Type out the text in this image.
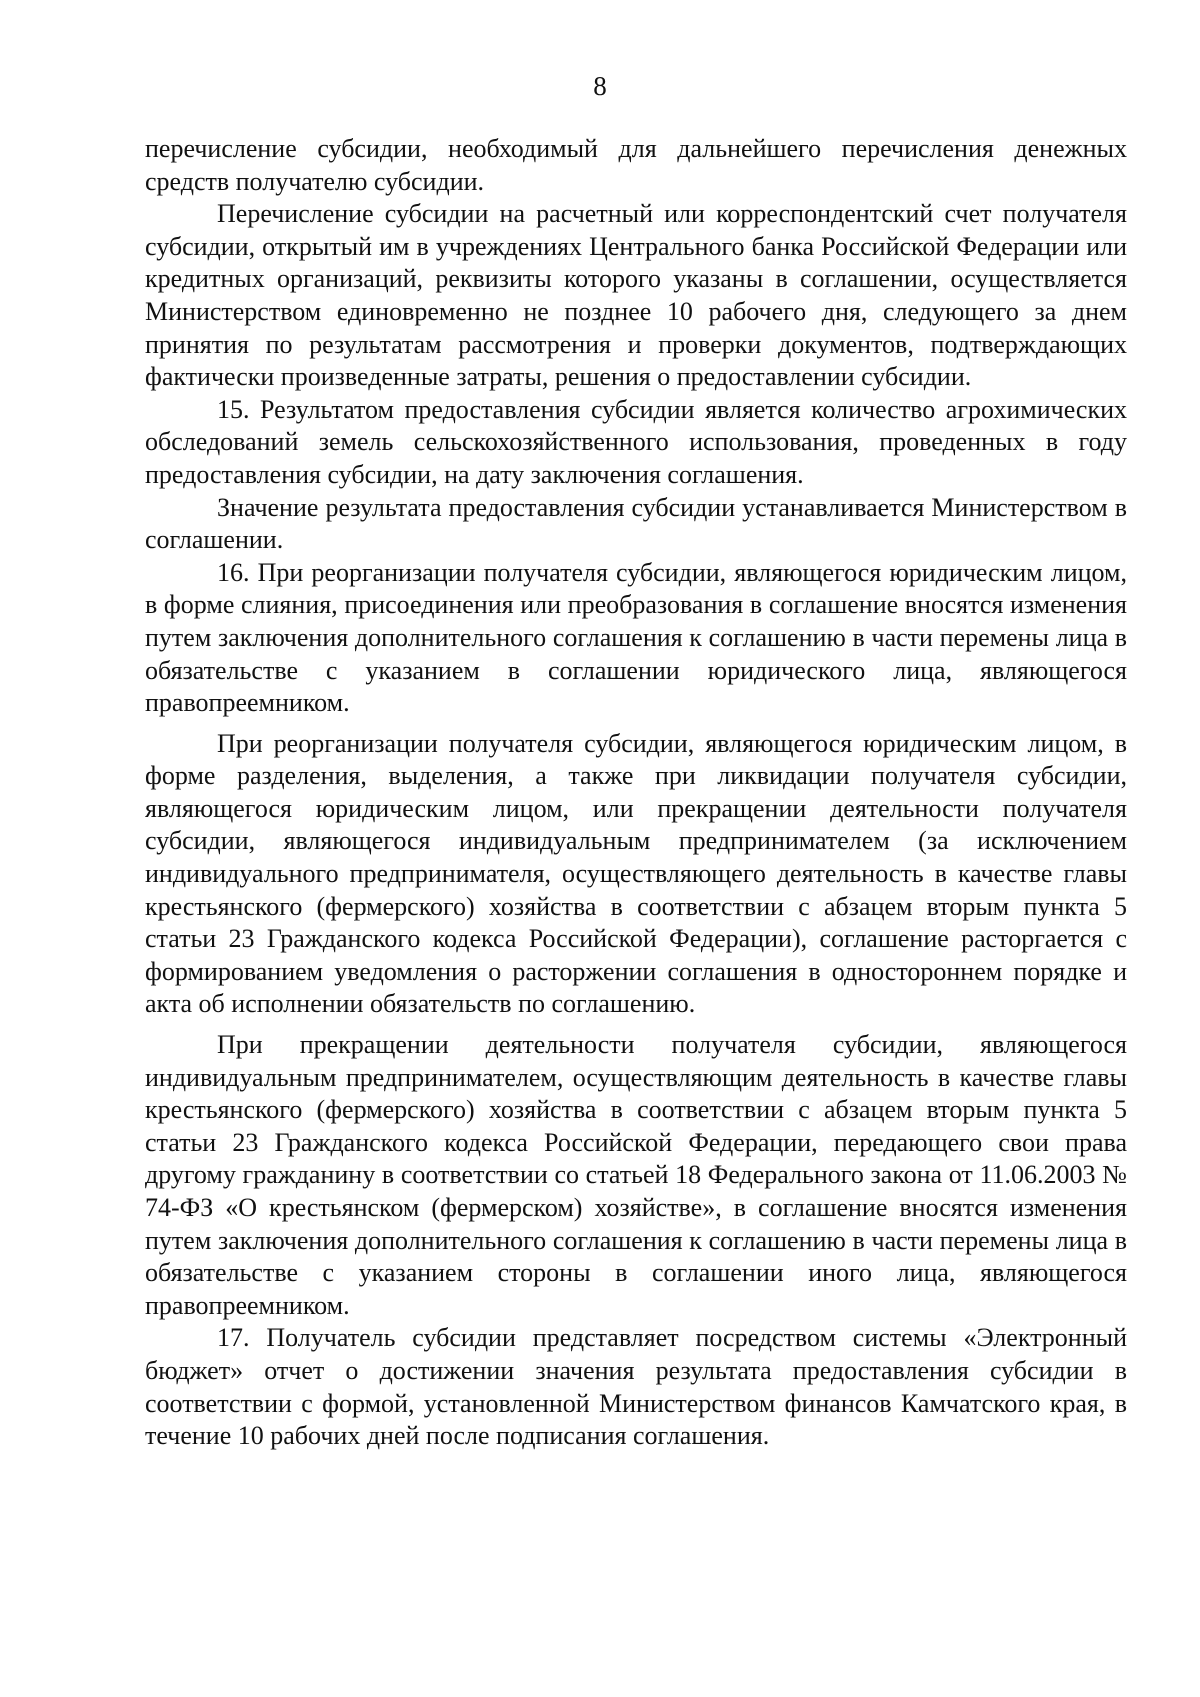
8

перечисление субсидии, необходимый для дальнейшего перечисления денежных средств получателю субсидии.

Перечисление субсидии на расчетный или корреспондентский счет получателя субсидии, открытый им в учреждениях Центрального банка Российской Федерации или кредитных организаций, реквизиты которого указаны в соглашении, осуществляется Министерством единовременно не позднее 10 рабочего дня, следующего за днем принятия по результатам рассмотрения и проверки документов, подтверждающих фактически произведенные затраты, решения о предоставлении субсидии.

15. Результатом предоставления субсидии является количество агрохимических обследований земель сельскохозяйственного использования, проведенных в году предоставления субсидии, на дату заключения соглашения.

Значение результата предоставления субсидии устанавливается Министерством в соглашении.

16. При реорганизации получателя субсидии, являющегося юридическим лицом, в форме слияния, присоединения или преобразования в соглашение вносятся изменения путем заключения дополнительного соглашения к соглашению в части перемены лица в обязательстве с указанием в соглашении юридического лица, являющегося правопреемником.

При реорганизации получателя субсидии, являющегося юридическим лицом, в форме разделения, выделения, а также при ликвидации получателя субсидии, являющегося юридическим лицом, или прекращении деятельности получателя субсидии, являющегося индивидуальным предпринимателем (за исключением индивидуального предпринимателя, осуществляющего деятельность в качестве главы крестьянского (фермерского) хозяйства в соответствии с абзацем вторым пункта 5 статьи 23 Гражданского кодекса Российской Федерации), соглашение расторгается с формированием уведомления о расторжении соглашения в одностороннем порядке и акта об исполнении обязательств по соглашению.

При прекращении деятельности получателя субсидии, являющегося индивидуальным предпринимателем, осуществляющим деятельность в качестве главы крестьянского (фермерского) хозяйства в соответствии с абзацем вторым пункта 5 статьи 23 Гражданского кодекса Российской Федерации, передающего свои права другому гражданину в соответствии со статьей 18 Федерального закона от 11.06.2003 № 74-ФЗ «О крестьянском (фермерском) хозяйстве», в соглашение вносятся изменения путем заключения дополнительного соглашения к соглашению в части перемены лица в обязательстве с указанием стороны в соглашении иного лица, являющегося правопреемником.

17. Получатель субсидии представляет посредством системы «Электронный бюджет» отчет о достижении значения результата предоставления субсидии в соответствии с формой, установленной Министерством финансов Камчатского края, в течение 10 рабочих дней после подписания соглашения.
